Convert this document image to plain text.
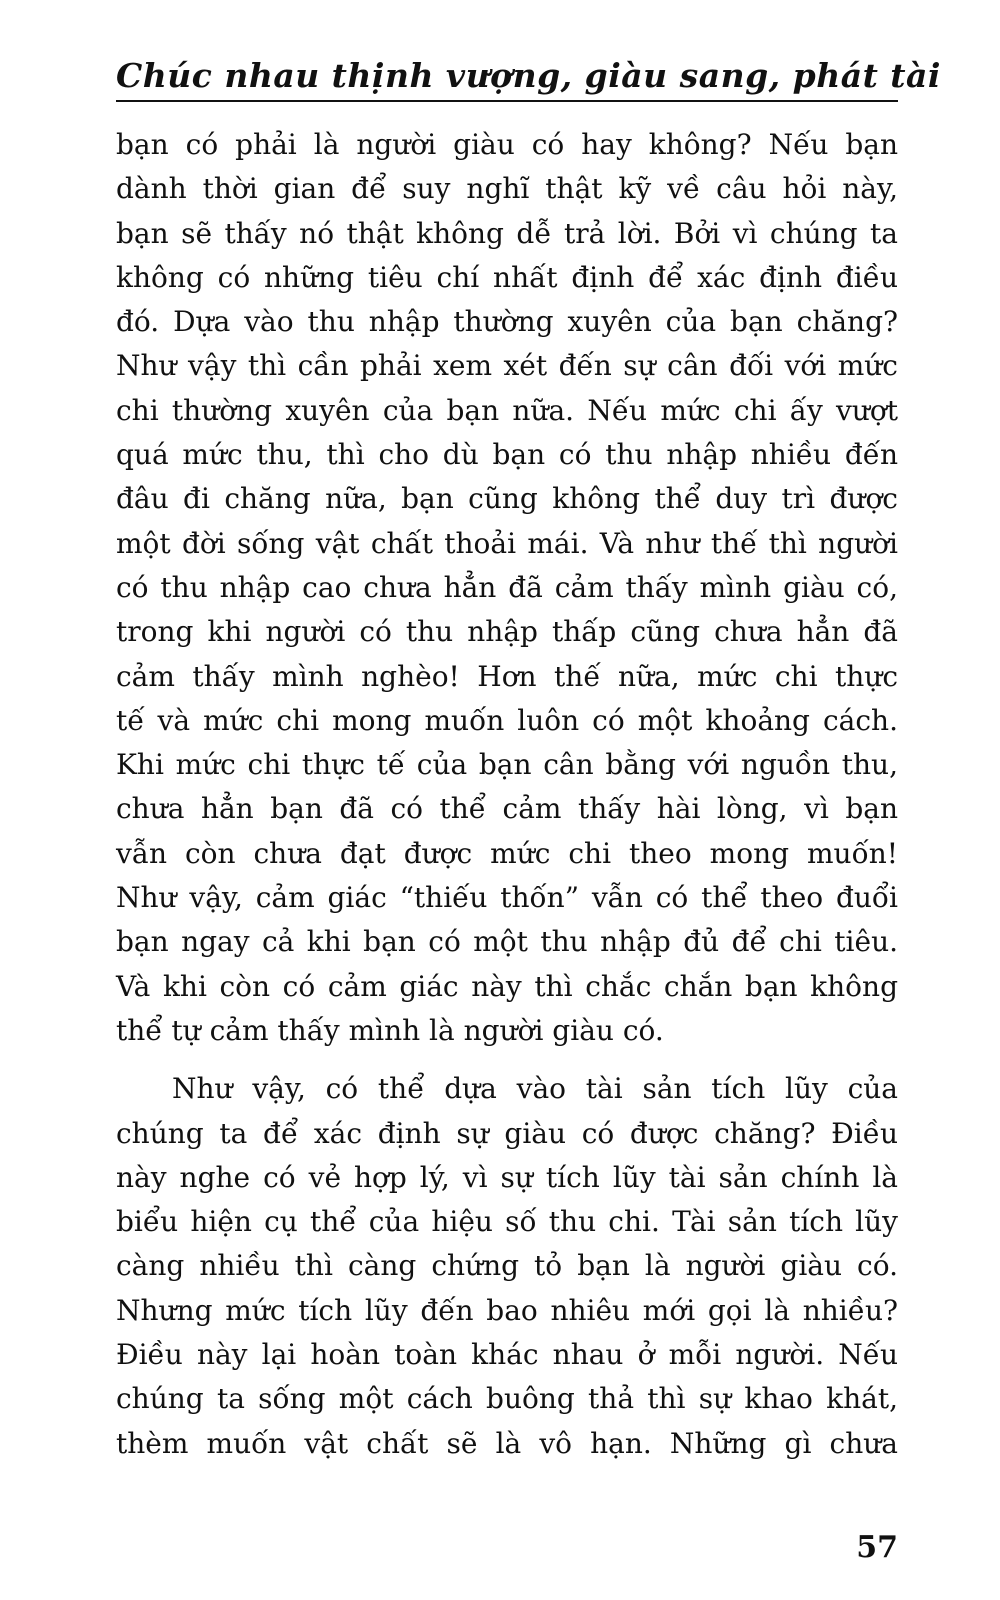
Chúc nhau thịnh vượng, giàu sang, phát tài
bạn có phải là người giàu có hay không? Nếu bạn
dành thời gian để suy nghĩ thật kỹ về câu hỏi này,
bạn sẽ thấy nó thật không dễ trả lời. Bởi vì chúng ta
không có những tiêu chí nhất định để xác định điều
đó. Dựa vào thu nhập thường xuyên của bạn chăng?
Như vậy thì cần phải xem xét đến sự cân đối với mức
chi thường xuyên của bạn nữa. Nếu mức chi ấy vượt
quá mức thu, thì cho dù bạn có thu nhập nhiều đến
đâu đi chăng nữa, bạn cũng không thể duy trì được
một đời sống vật chất thoải mái. Và như thế thì người
có thu nhập cao chưa hẳn đã cảm thấy mình giàu có,
trong khi người có thu nhập thấp cũng chưa hẳn đã
cảm thấy mình nghèo! Hơn thế nữa, mức chi thực
tế và mức chi mong muốn luôn có một khoảng cách.
Khi mức chi thực tế của bạn cân bằng với nguồn thu,
chưa hẳn bạn đã có thể cảm thấy hài lòng, vì bạn
vẫn còn chưa đạt được mức chi theo mong muốn!
Như vậy, cảm giác “thiếu thốn” vẫn có thể theo đuổi
bạn ngay cả khi bạn có một thu nhập đủ để chi tiêu.
Và khi còn có cảm giác này thì chắc chắn bạn không
thể tự cảm thấy mình là người giàu có.
Như vậy, có thể dựa vào tài sản tích lũy của
chúng ta để xác định sự giàu có được chăng? Điều
này nghe có vẻ hợp lý, vì sự tích lũy tài sản chính là
biểu hiện cụ thể của hiệu số thu chi. Tài sản tích lũy
càng nhiều thì càng chứng tỏ bạn là người giàu có.
Nhưng mức tích lũy đến bao nhiêu mới gọi là nhiều?
Điều này lại hoàn toàn khác nhau ở mỗi người. Nếu
chúng ta sống một cách buông thả thì sự khao khát,
thèm muốn vật chất sẽ là vô hạn. Những gì chưa
57
